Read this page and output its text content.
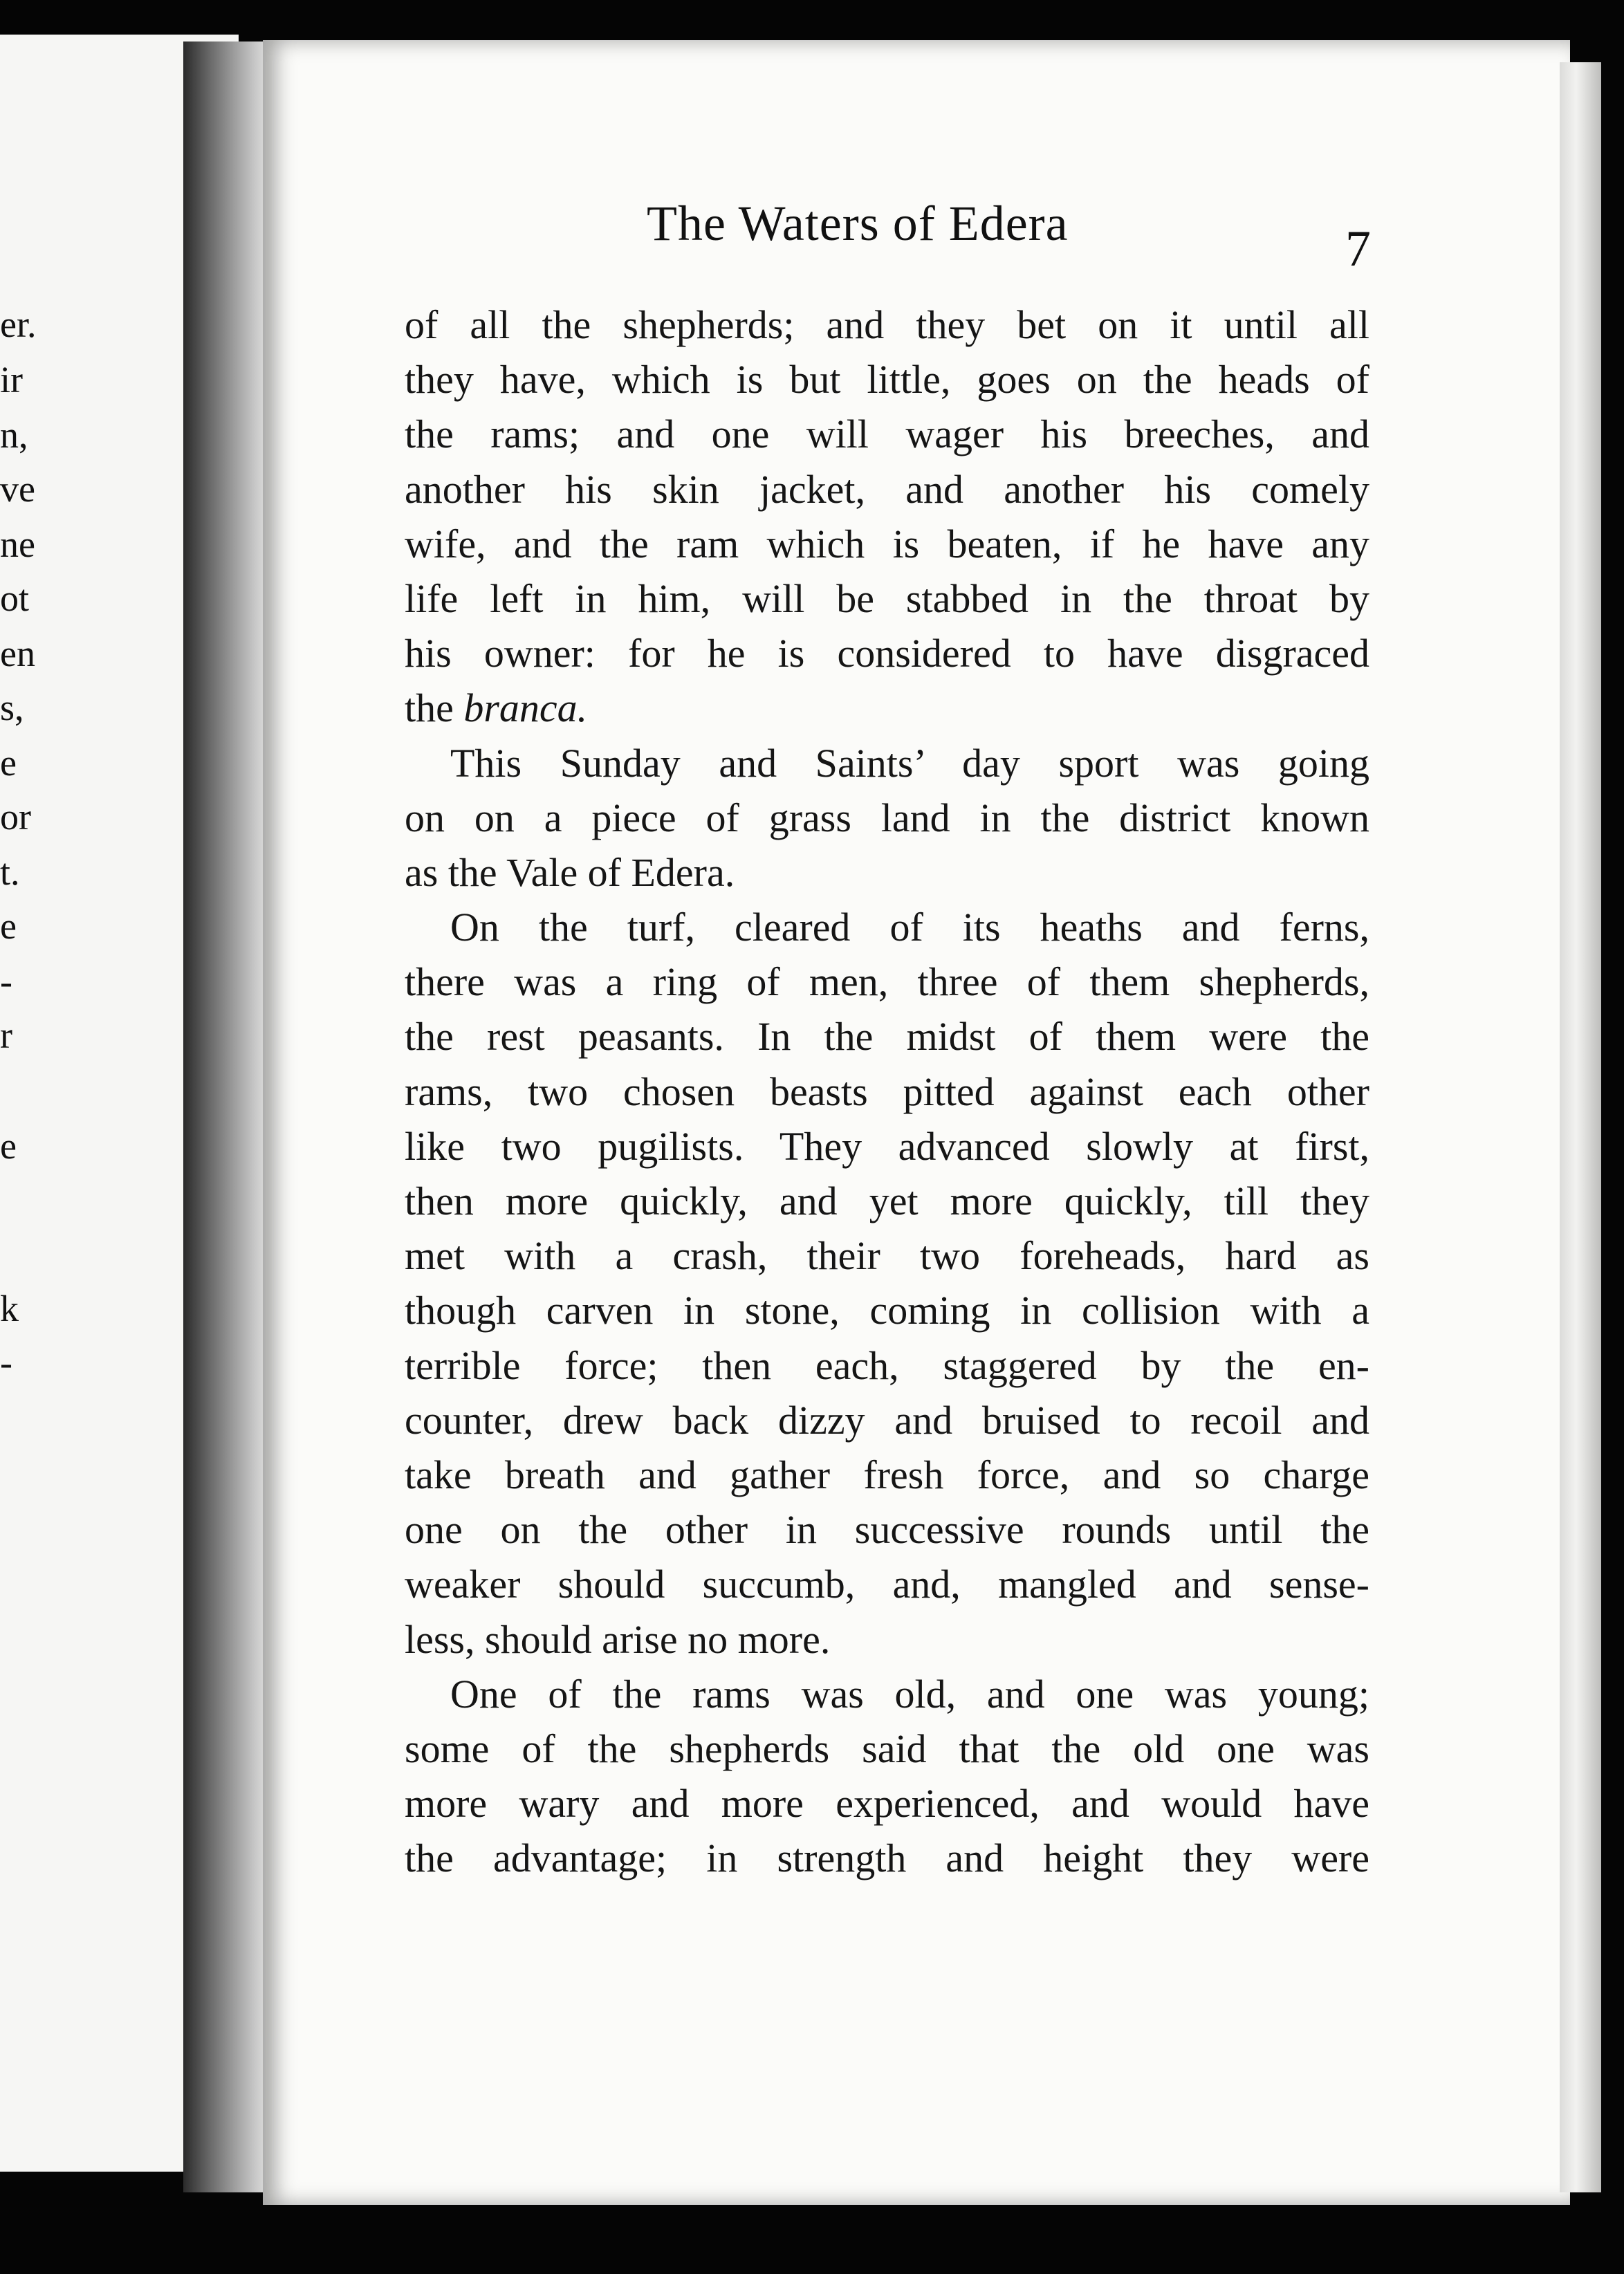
er.
ir
n,
ve
ne
ot
en
s,
e
or
t.
e
-
r
e
k
-
The Waters of Edera	7
of all the shepherds; and they bet on it until all
they have, which is but little, goes on the heads of
the rams; and one will wager his breeches, and
another his skin jacket, and another his comely
wife, and the ram which is beaten, if he have any
life left in him, will be stabbed in the throat by
his owner: for he is considered to have disgraced
the branca.
This Sunday and Saints’ day sport was going
on on a piece of grass land in the district known
as the Vale of Edera.
On the turf, cleared of its heaths and ferns,
there was a ring of men, three of them shepherds,
the rest peasants. In the midst of them were the
rams, two chosen beasts pitted against each other
like two pugilists. They advanced slowly at first,
then more quickly, and yet more quickly, till they
met with a crash, their two foreheads, hard as
though carven in stone, coming in collision with a
terrible force; then each, staggered by the en-
counter, drew back dizzy and bruised to recoil and
take breath and gather fresh force, and so charge
one on the other in successive rounds until the
weaker should succumb, and, mangled and sense-
less, should arise no more.
One of the rams was old, and one was young;
some of the shepherds said that the old one was
more wary and more experienced, and would have
the advantage; in strength and height they were
